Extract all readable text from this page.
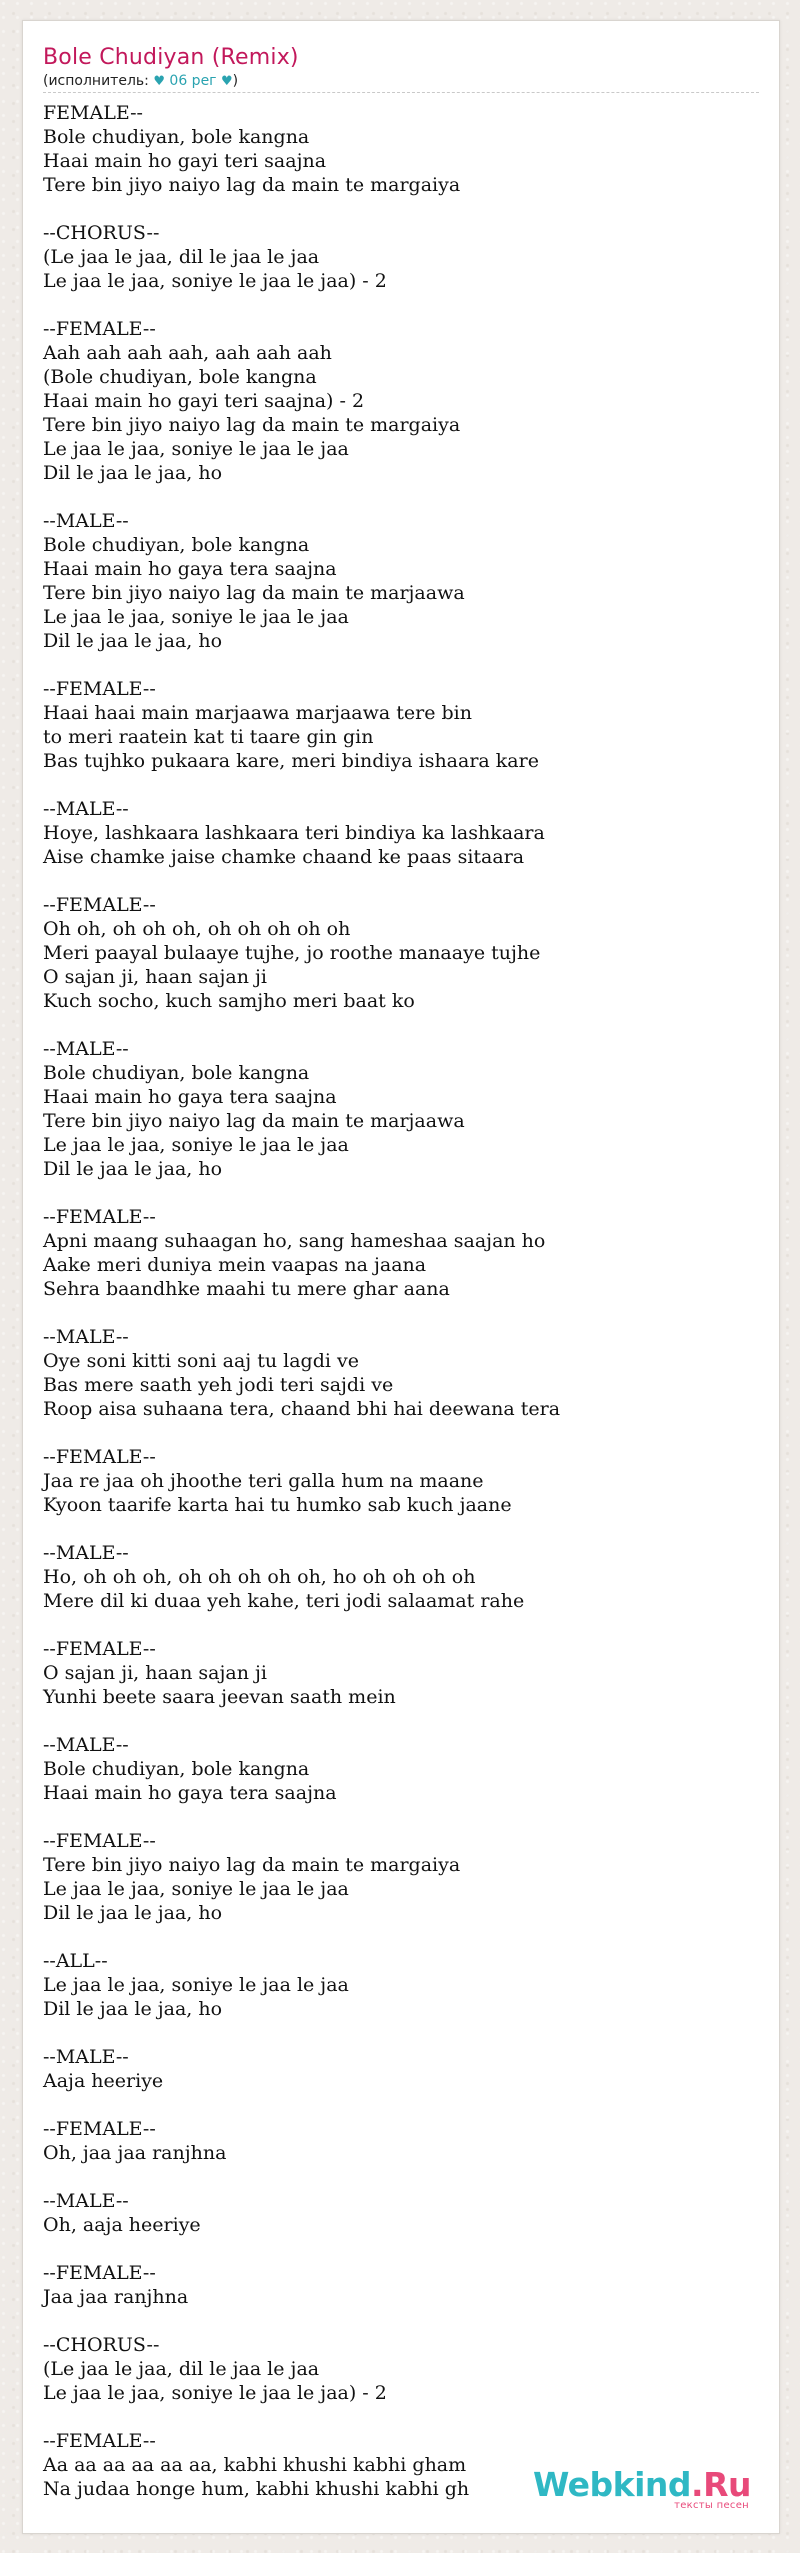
Bole Chudiyan (Remix)
(исполнитель: ♥ 06 рег ♥)
FEMALE--
Bole chudiyan, bole kangna
Haai main ho gayi teri saajna
Tere bin jiyo naiyo lag da main te margaiya
--CHORUS--
(Le jaa le jaa, dil le jaa le jaa
Le jaa le jaa, soniye le jaa le jaa) - 2
--FEMALE--
Aah aah aah aah, aah aah aah
(Bole chudiyan, bole kangna
Haai main ho gayi teri saajna) - 2
Tere bin jiyo naiyo lag da main te margaiya
Le jaa le jaa, soniye le jaa le jaa
Dil le jaa le jaa, ho
--MALE--
Bole chudiyan, bole kangna
Haai main ho gaya tera saajna
Tere bin jiyo naiyo lag da main te marjaawa
Le jaa le jaa, soniye le jaa le jaa
Dil le jaa le jaa, ho
--FEMALE--
Haai haai main marjaawa marjaawa tere bin
to meri raatein kat ti taare gin gin
Bas tujhko pukaara kare, meri bindiya ishaara kare
--MALE--
Hoye, lashkaara lashkaara teri bindiya ka lashkaara
Aise chamke jaise chamke chaand ke paas sitaara
--FEMALE--
Oh oh, oh oh oh, oh oh oh oh oh
Meri paayal bulaaye tujhe, jo roothe manaaye tujhe
O sajan ji, haan sajan ji
Kuch socho, kuch samjho meri baat ko
--MALE--
Bole chudiyan, bole kangna
Haai main ho gaya tera saajna
Tere bin jiyo naiyo lag da main te marjaawa
Le jaa le jaa, soniye le jaa le jaa
Dil le jaa le jaa, ho
--FEMALE--
Apni maang suhaagan ho, sang hameshaa saajan ho
Aake meri duniya mein vaapas na jaana
Sehra baandhke maahi tu mere ghar aana
--MALE--
Oye soni kitti soni aaj tu lagdi ve
Bas mere saath yeh jodi teri sajdi ve
Roop aisa suhaana tera, chaand bhi hai deewana tera
--FEMALE--
Jaa re jaa oh jhoothe teri galla hum na maane
Kyoon taarife karta hai tu humko sab kuch jaane
--MALE--
Ho, oh oh oh, oh oh oh oh oh, ho oh oh oh oh
Mere dil ki duaa yeh kahe, teri jodi salaamat rahe
--FEMALE--
O sajan ji, haan sajan ji
Yunhi beete saara jeevan saath mein
--MALE--
Bole chudiyan, bole kangna
Haai main ho gaya tera saajna
--FEMALE--
Tere bin jiyo naiyo lag da main te margaiya
Le jaa le jaa, soniye le jaa le jaa
Dil le jaa le jaa, ho
--ALL--
Le jaa le jaa, soniye le jaa le jaa
Dil le jaa le jaa, ho
--MALE--
Aaja heeriye
--FEMALE--
Oh, jaa jaa ranjhna
--MALE--
Oh, aaja heeriye
--FEMALE--
Jaa jaa ranjhna
--CHORUS--
(Le jaa le jaa, dil le jaa le jaa
Le jaa le jaa, soniye le jaa le jaa) - 2
--FEMALE--
Aa aa aa aa aa aa, kabhi khushi kabhi gham
Na judaa honge hum, kabhi khushi kabhi gh	Webkind.Ru
тексты песен
